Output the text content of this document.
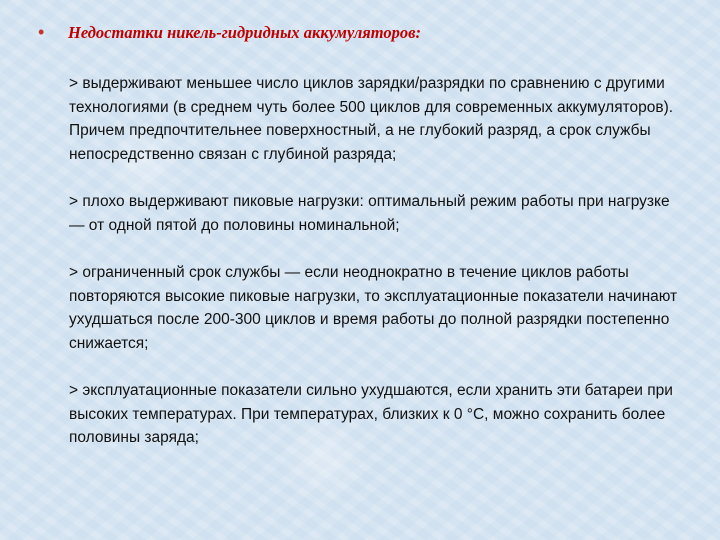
•	Недостатки никель-гидридных аккумуляторов:

> выдерживают меньшее число циклов зарядки/разрядки по сравнению с другими технологиями (в среднем чуть более 500 циклов для современных аккумуляторов). Причем предпочтительнее поверхностный, а не глубокий разряд, а срок службы непосредственно связан с глубиной разряда;

> плохо выдерживают пиковые нагрузки: оптимальный режим работы при нагрузке — от одной пятой до половины номинальной;

> ограниченный срок службы — если неоднократно в течение циклов работы повторяются высокие пиковые нагрузки, то эксплуатационные показатели начинают ухудшаться после 200-300 циклов и время работы до полной разрядки постепенно снижается;

> эксплуатационные показатели сильно ухудшаются, если хранить эти батареи при высоких температурах. При температурах, близких к 0 °С, можно сохранить более половины заряда;
